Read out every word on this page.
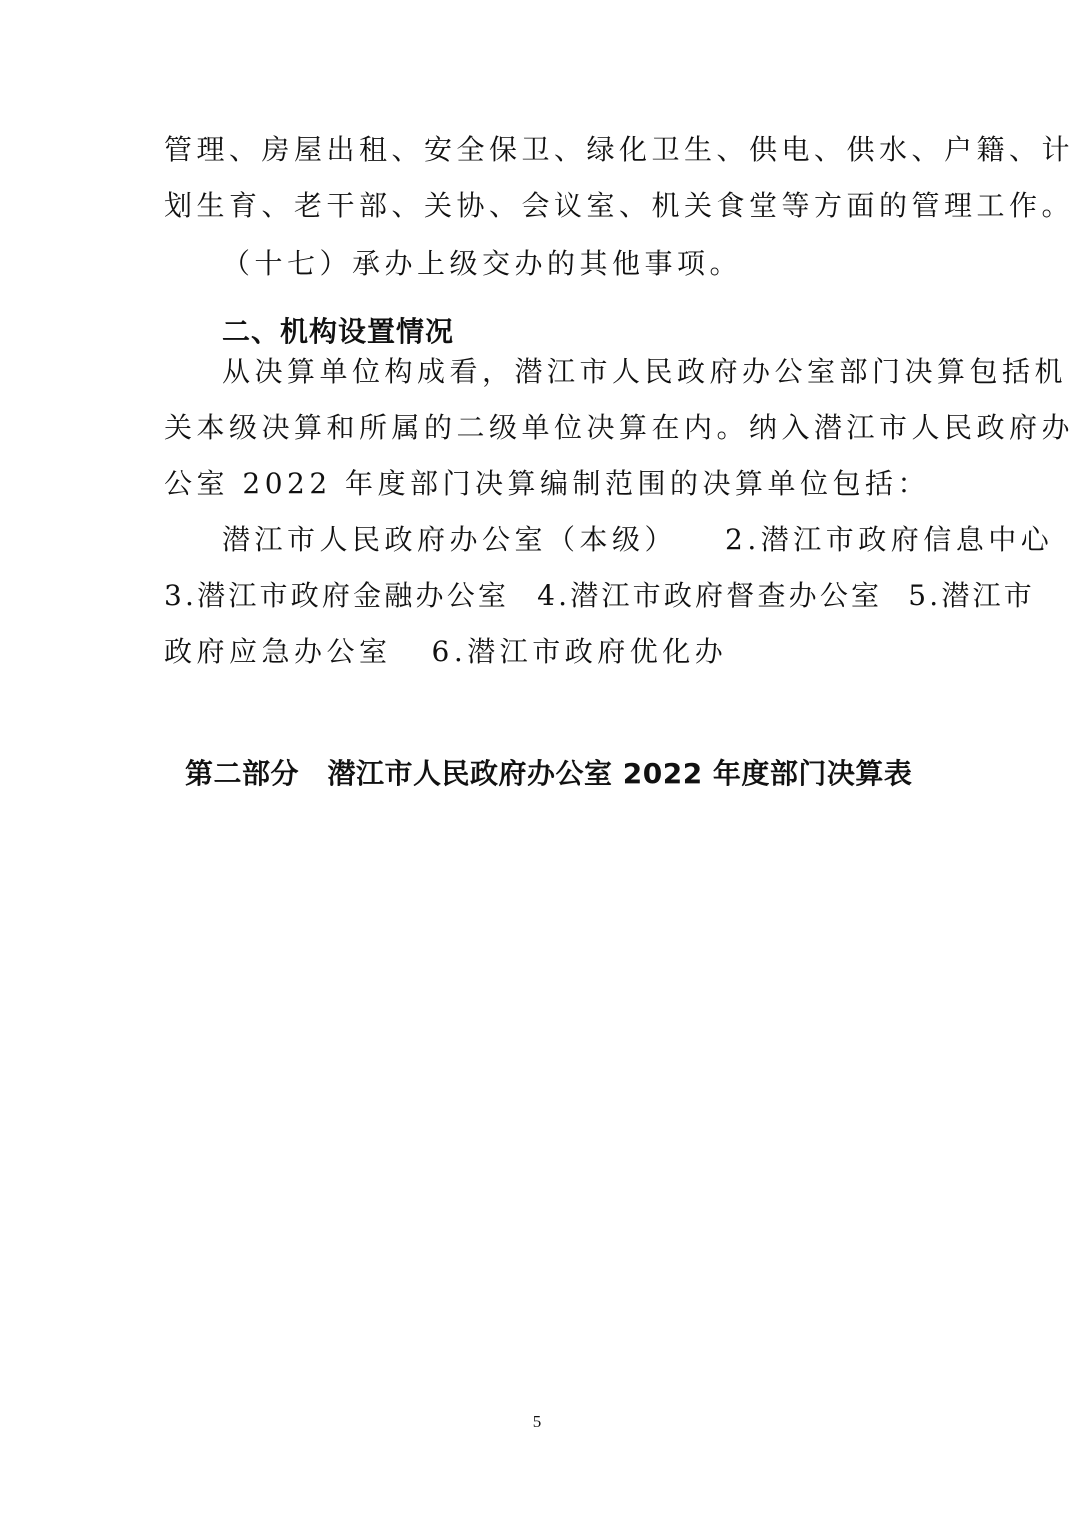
管理、房屋出租、安全保卫、绿化卫生、供电、供水、户籍、计
划生育、老干部、关协、会议室、机关食堂等方面的管理工作。
（十七）承办上级交办的其他事项。
二、机构设置情况
从决算单位构成看，潜江市人民政府办公室部门决算包括机
关本级决算和所属的二级单位决算在内。纳入潜江市人民政府办
公室 2022 年度部门决算编制范围的决算单位包括：
潜江市人民政府办公室（本级） 2.潜江市政府信息中心
3.潜江市政府金融办公室 4.潜江市政府督查办公室 5.潜江市
政府应急办公室 6.潜江市政府优化办
第二部分　潜江市人民政府办公室 2022 年度部门决算表
5
